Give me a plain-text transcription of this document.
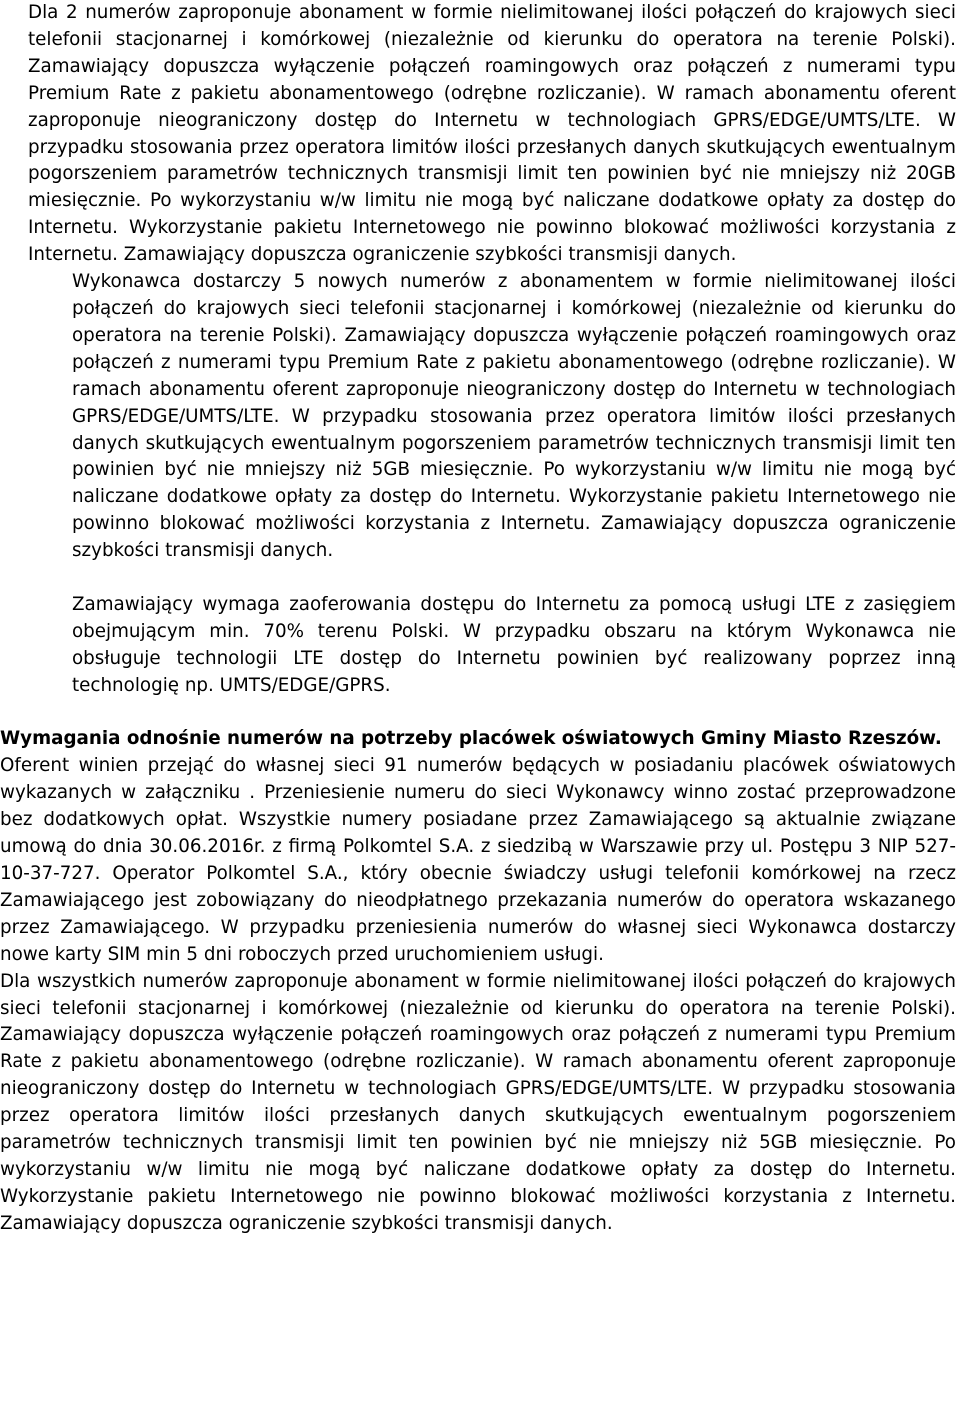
Dla 2 numerów zaproponuje abonament w formie nielimitowanej ilości połączeń do krajowych sieci telefonii stacjonarnej i komórkowej (niezależnie od kierunku do operatora na terenie Polski). Zamawiający dopuszcza wyłączenie połączeń roamingowych oraz połączeń z numerami typu Premium Rate z pakietu abonamentowego (odrębne rozliczanie). W ramach abonamentu oferent zaproponuje nieograniczony dostęp do Internetu w technologiach GPRS/EDGE/UMTS/LTE. W przypadku stosowania przez operatora limitów ilości przesłanych danych skutkujących ewentualnym pogorszeniem parametrów technicznych transmisji limit ten powinien być nie mniejszy niż 20GB miesięcznie. Po wykorzystaniu w/w limitu nie mogą być naliczane dodatkowe opłaty za dostęp do Internetu. Wykorzystanie pakietu Internetowego nie powinno blokować możliwości korzystania z Internetu. Zamawiający dopuszcza ograniczenie szybkości transmisji danych.

Wykonawca dostarczy 5 nowych numerów z abonamentem w formie nielimitowanej ilości połączeń do krajowych sieci telefonii stacjonarnej i komórkowej (niezależnie od kierunku do operatora na terenie Polski). Zamawiający dopuszcza wyłączenie połączeń roamingowych oraz połączeń z numerami typu Premium Rate z pakietu abonamentowego (odrębne rozliczanie). W ramach abonamentu oferent zaproponuje nieograniczony dostęp do Internetu w technologiach GPRS/EDGE/UMTS/LTE. W przypadku stosowania przez operatora limitów ilości przesłanych danych skutkujących ewentualnym pogorszeniem parametrów technicznych transmisji limit ten powinien być nie mniejszy niż 5GB miesięcznie. Po wykorzystaniu w/w limitu nie mogą być naliczane dodatkowe opłaty za dostęp do Internetu. Wykorzystanie pakietu Internetowego nie powinno blokować możliwości korzystania z Internetu. Zamawiający dopuszcza ograniczenie szybkości transmisji danych.

Zamawiający wymaga zaoferowania dostępu do Internetu za pomocą usługi LTE z zasięgiem obejmującym min. 70% terenu Polski. W przypadku obszaru na którym Wykonawca nie obsługuje technologii LTE dostęp do Internetu powinien być realizowany poprzez inną technologię np. UMTS/EDGE/GPRS.

Wymagania odnośnie numerów na potrzeby placówek oświatowych Gminy Miasto Rzeszów.

Oferent winien przejąć do własnej sieci 91 numerów będących w posiadaniu placówek oświatowych wykazanych w załączniku . Przeniesienie numeru do sieci Wykonawcy winno zostać przeprowadzone bez dodatkowych opłat. Wszystkie numery posiadane przez Zamawiającego są aktualnie związane umową do dnia 30.06.2016r. z firmą Polkomtel S.A. z siedzibą w Warszawie przy ul. Postępu 3 NIP 527-10-37-727. Operator Polkomtel S.A., który obecnie świadczy usługi telefonii komórkowej na rzecz Zamawiającego jest zobowiązany do nieodpłatnego przekazania numerów do operatora wskazanego przez Zamawiającego. W przypadku przeniesienia numerów do własnej sieci Wykonawca dostarczy nowe karty SIM min 5 dni roboczych przed uruchomieniem usługi.

Dla wszystkich numerów zaproponuje abonament w formie nielimitowanej ilości połączeń do krajowych sieci telefonii stacjonarnej i komórkowej (niezależnie od kierunku do operatora na terenie Polski). Zamawiający dopuszcza wyłączenie połączeń roamingowych oraz połączeń z numerami typu Premium Rate z pakietu abonamentowego (odrębne rozliczanie). W ramach abonamentu oferent zaproponuje nieograniczony dostęp do Internetu w technologiach GPRS/EDGE/UMTS/LTE. W przypadku stosowania przez operatora limitów ilości przesłanych danych skutkujących ewentualnym pogorszeniem parametrów technicznych transmisji limit ten powinien być nie mniejszy niż 5GB miesięcznie. Po wykorzystaniu w/w limitu nie mogą być naliczane dodatkowe opłaty za dostęp do Internetu. Wykorzystanie pakietu Internetowego nie powinno blokować możliwości korzystania z Internetu. Zamawiający dopuszcza ograniczenie szybkości transmisji danych.
